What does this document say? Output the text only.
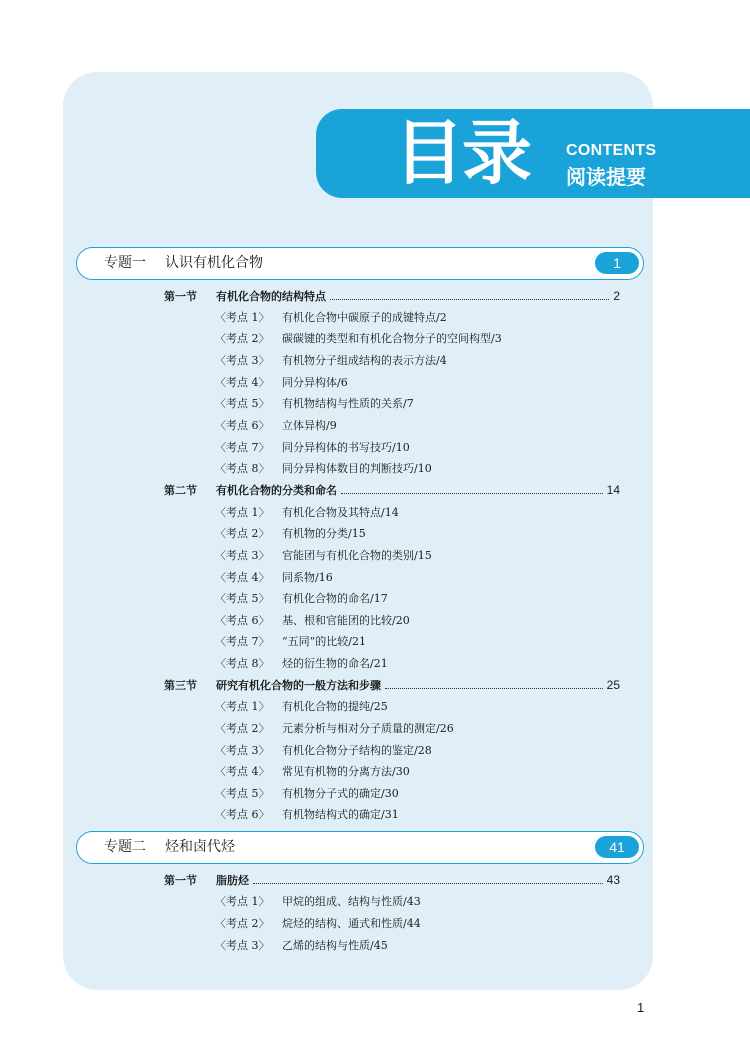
目录	CONTENTS
阅读提要
专题一 认识有机化合物	1
第一节	有机化合物的结构特点	2
〈考点 1〉	有机化合物中碳原子的成键特点/2
〈考点 2〉	碳碳键的类型和有机化合物分子的空间构型/3
〈考点 3〉	有机物分子组成结构的表示方法/4
〈考点 4〉	同分异构体/6
〈考点 5〉	有机物结构与性质的关系/7
〈考点 6〉	立体异构/9
〈考点 7〉	同分异构体的书写技巧/10
〈考点 8〉	同分异构体数目的判断技巧/10
第二节	有机化合物的分类和命名	14
〈考点 1〉	有机化合物及其特点/14
〈考点 2〉	有机物的分类/15
〈考点 3〉	官能团与有机化合物的类别/15
〈考点 4〉	同系物/16
〈考点 5〉	有机化合物的命名/17
〈考点 6〉	基、根和官能团的比较/20
〈考点 7〉	“五同”的比较/21
〈考点 8〉	烃的衍生物的命名/21
第三节	研究有机化合物的一般方法和步骤	25
〈考点 1〉	有机化合物的提纯/25
〈考点 2〉	元素分析与相对分子质量的测定/26
〈考点 3〉	有机化合物分子结构的鉴定/28
〈考点 4〉	常见有机物的分离方法/30
〈考点 5〉	有机物分子式的确定/30
〈考点 6〉	有机物结构式的确定/31
专题二 烃和卤代烃	41
第一节	脂肪烃	43
〈考点 1〉	甲烷的组成、结构与性质/43
〈考点 2〉	烷烃的结构、通式和性质/44
〈考点 3〉	乙烯的结构与性质/45
1
